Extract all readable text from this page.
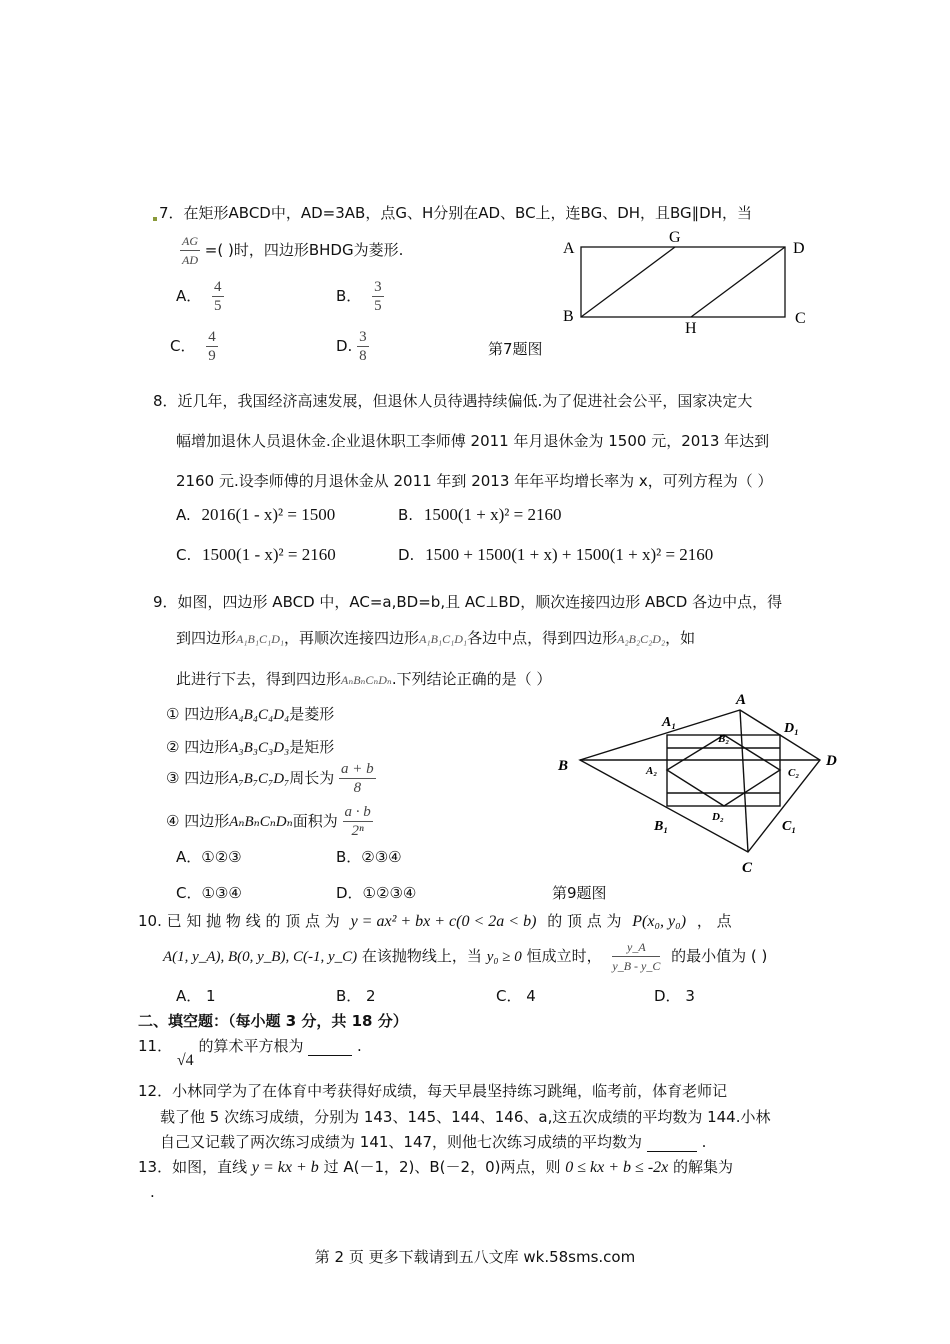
7．在矩形ABCD中，AD=3AB，点G、H分别在AD、BC上，连BG、DH，且BG∥DH，当
$\frac{AG}{AD}$ =( )时，四边形BHDG为菱形.
A． $\frac{4}{5}$	B． $\frac{3}{5}$
C． $\frac{4}{9}$	D. $\frac{3}{8}$
A
G
D
B
H
C
第7题图
8．近几年，我国经济高速发展，但退休人员待遇持续偏低.为了促进社会公平，国家决定大
幅增加退休人员退休金.企业退休职工李师傅 2011 年月退休金为 1500 元，2013 年达到
2160 元.设李师傅的月退休金从 2011 年到 2013 年年平均增长率为 x，可列方程为（ ）
A. 2016(1 - x)² = 1500	B. 1500(1 + x)² = 2160
C. 1500(1 - x)² = 2160	D. 1500 + 1500(1 + x) + 1500(1 + x)² = 2160
9．如图，四边形 ABCD 中，AC=a,BD=b,且 AC⊥BD，顺次连接四边形 ABCD 各边中点，得
到四边形A₁B₁C₁D₁，再顺次连接四边形A₁B₁C₁D₁各边中点，得到四边形A₂B₂C₂D₂，如
此进行下去，得到四边形AₙBₙCₙDₙ.下列结论正确的是（ ）
① 四边形A₄B₄C₄D₄是菱形
② 四边形A₃B₃C₃D₃是矩形
③ 四边形A₇B₇C₇D₇周长为 $\frac{a + b}{8}$
④ 四边形AₙBₙCₙDₙ面积为 $\frac{a \cdot b}{\text{2ⁿ}}$
A．①②③	B．②③④
C．①③④	D．①②③④
A
B
C
D
A₁	D₁
B₁	C₁
A₂
B₂
C₂
D₂
第9题图
10. 已 知 抛 物 线 的 顶 点 为 y = ax² + bx + c(0 < 2a < b) 的 顶 点 为 P(x₀, y₀) ， 点
A(1, y_A), B(0, y_B), C(-1, y_C) 在该抛物线上，当 y₀ ≥ 0 恒成立时， $\frac{y\_A}{y\_B - y\_C}$ 的最小值为 ( )
A． 1	B． 2	C． 4	D． 3
二、填空题：（每小题 3 分，共 18 分）
11． √4 的算术平方根为	.
12．小林同学为了在体育中考获得好成绩，每天早晨坚持练习跳绳，临考前，体育老师记
载了他 5 次练习成绩，分别为 143、145、144、146、a,这五次成绩的平均数为 144.小林
自己又记载了两次练习成绩为 141、147，则他七次练习成绩的平均数为	.
13．如图，直线 y = kx + b 过 A(－1，2)、B(－2，0)两点，则 0 ≤ kx + b ≤ -2x 的解集为
.
第 2 页 更多下载请到五八文库 wk.58sms.com
